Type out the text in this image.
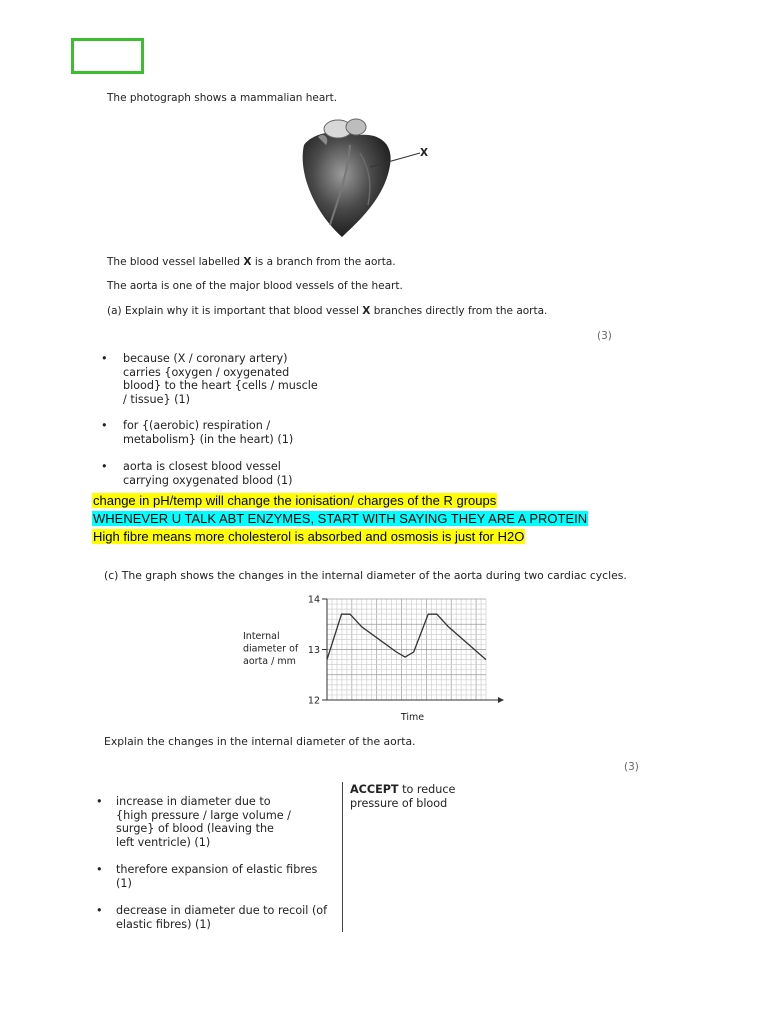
The photograph shows a mammalian heart.
X
The blood vessel labelled X is a branch from the aorta.
The aorta is one of the major blood vessels of the heart.
(a) Explain why it is important that blood vessel X branches directly from the aorta.
(3)
• because (X / coronary artery)
carries {oxygen / oxygenated
blood} to the heart {cells / muscle
/ tissue} (1)
• for {(aerobic) respiration /
metabolism} (in the heart) (1)
• aorta is closest blood vessel
carrying oxygenated blood (1)
change in pH/temp will change the ionisation/ charges of the R groups
WHENEVER U TALK ABT ENZYMES, START WITH SAYING THEY ARE A PROTEIN
High fibre means more cholesterol is absorbed and osmosis is just for H2O
(c) The graph shows the changes in the internal diameter of the aorta during two cardiac cycles.
14
13
12
Internal
diameter of
aorta / mm
Time
Explain the changes in the internal diameter of the aorta.
(3)
• increase in diameter due to
{high pressure / large volume /
surge} of blood (leaving the
left ventricle) (1)
• therefore expansion of elastic fibres
(1)
• decrease in diameter due to recoil (of
elastic fibres) (1)
ACCEPT to reduce
pressure of blood
